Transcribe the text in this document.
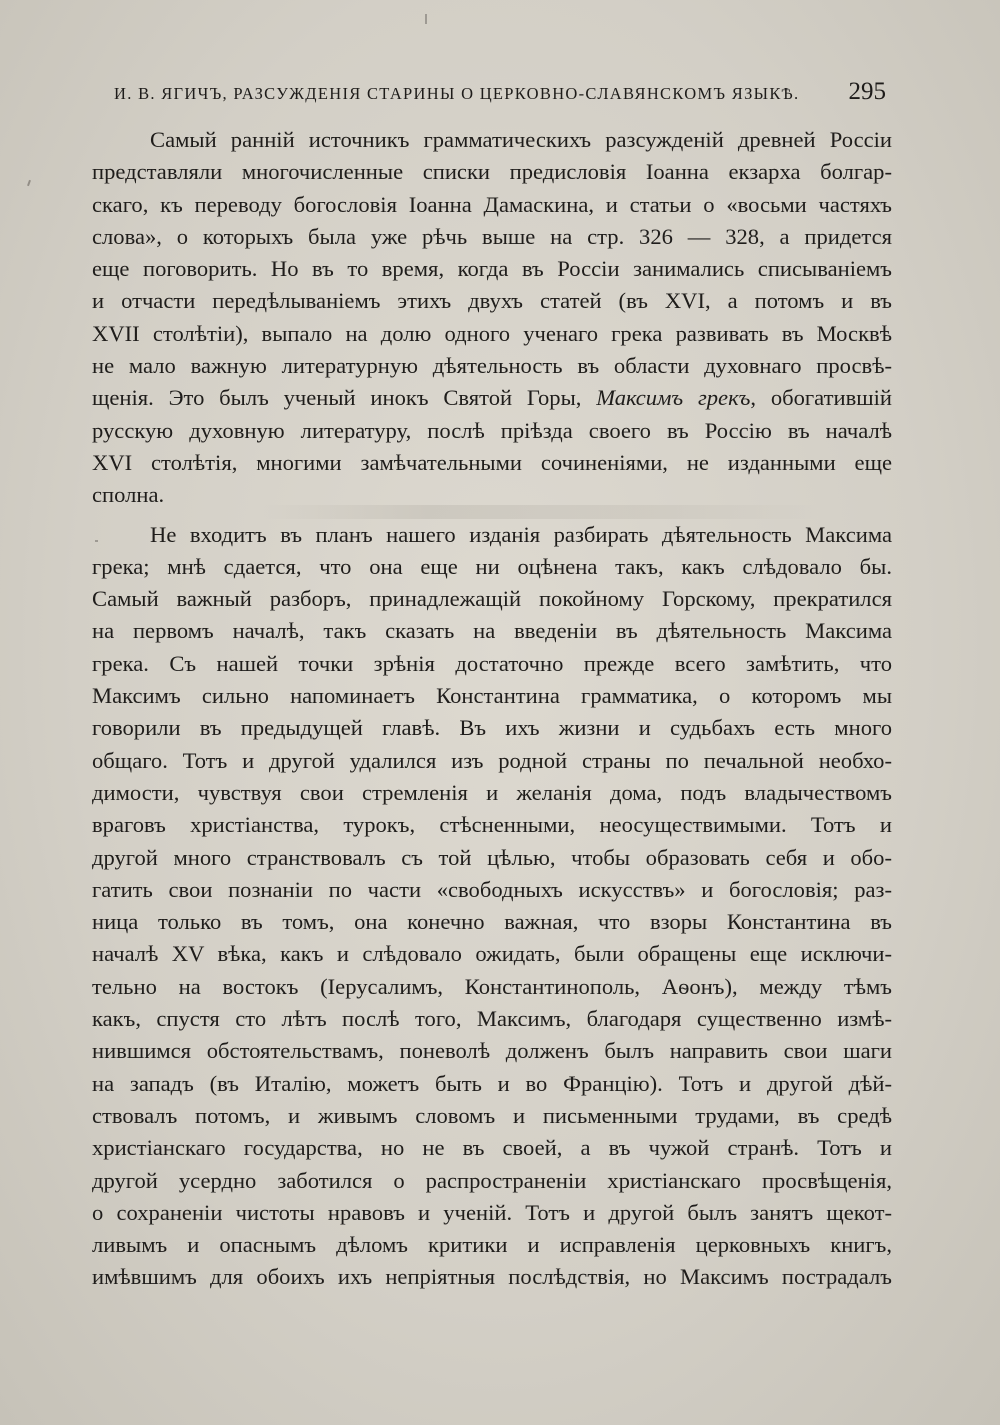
И. В. ЯГИЧЪ, РАЗСУЖДЕНІЯ СТАРИНЫ О ЦЕРКОВНО-СЛАВЯНСКОМЪ ЯЗЫКѢ. 295
Самый ранній источникъ грамматическихъ разсужденій древней Россіи
представляли многочисленные списки предисловія Іоанна екзарха болгар-
скаго, къ переводу богословія Іоанна Дамаскина, и статьи о «восьми частяхъ
слова», о которыхъ была уже рѣчь выше на стр. 326 — 328, а придется
еще поговорить. Но въ то время, когда въ Россіи занимались списываніемъ
и отчасти передѣлываніемъ этихъ двухъ статей (въ XVI, а потомъ и въ
XVII столѣтіи), выпало на долю одного ученаго грека развивать въ Москвѣ
не мало важную литературную дѣятельность въ области духовнаго просвѣ-
щенія. Это былъ ученый инокъ Святой Горы, Максимъ грекъ, обогатившій
русскую духовную литературу, послѣ пріѣзда своего въ Россію въ началѣ
XVI столѣтія, многими замѣчательными сочиненіями, не изданными еще
сполна.
Не входитъ въ планъ нашего изданія разбирать дѣятельность Максима
грека; мнѣ сдается, что она еще ни оцѣнена такъ, какъ слѣдовало бы.
Самый важный разборъ, принадлежащій покойному Горскому, прекратился
на первомъ началѣ, такъ сказать на введеніи въ дѣятельность Максима
грека. Съ нашей точки зрѣнія достаточно прежде всего замѣтить, что
Максимъ сильно напоминаетъ Константина грамматика, о которомъ мы
говорили въ предыдущей главѣ. Въ ихъ жизни и судьбахъ есть много
общаго. Тотъ и другой удалился изъ родной страны по печальной необхо-
димости, чувствуя свои стремленія и желанія дома, подъ владычествомъ
враговъ христіанства, турокъ, стѣсненными, неосуществимыми. Тотъ и
другой много странствовалъ съ той цѣлью, чтобы образовать себя и обо-
гатить свои познаніи по части «свободныхъ искусствъ» и богословія; раз-
ница только въ томъ, она конечно важная, что взоры Константина въ
началѣ XV вѣка, какъ и слѣдовало ожидать, были обращены еще исключи-
тельно на востокъ (Іерусалимъ, Константинополь, Аѳонъ), между тѣмъ
какъ, спустя сто лѣтъ послѣ того, Максимъ, благодаря существенно измѣ-
нившимся обстоятельствамъ, поневолѣ долженъ былъ направить свои шаги
на западъ (въ Италію, можетъ быть и во Францію). Тотъ и другой дѣй-
ствовалъ потомъ, и живымъ словомъ и письменными трудами, въ средѣ
христіанскаго государства, но не въ своей, а въ чужой странѣ. Тотъ и
другой усердно заботился о распространеніи христіанскаго просвѣщенія,
о сохраненіи чистоты нравовъ и ученій. Тотъ и другой былъ занятъ щекот-
ливымъ и опаснымъ дѣломъ критики и исправленія церковныхъ книгъ,
имѣвшимъ для обоихъ ихъ непріятныя послѣдствія, но Максимъ пострадалъ
